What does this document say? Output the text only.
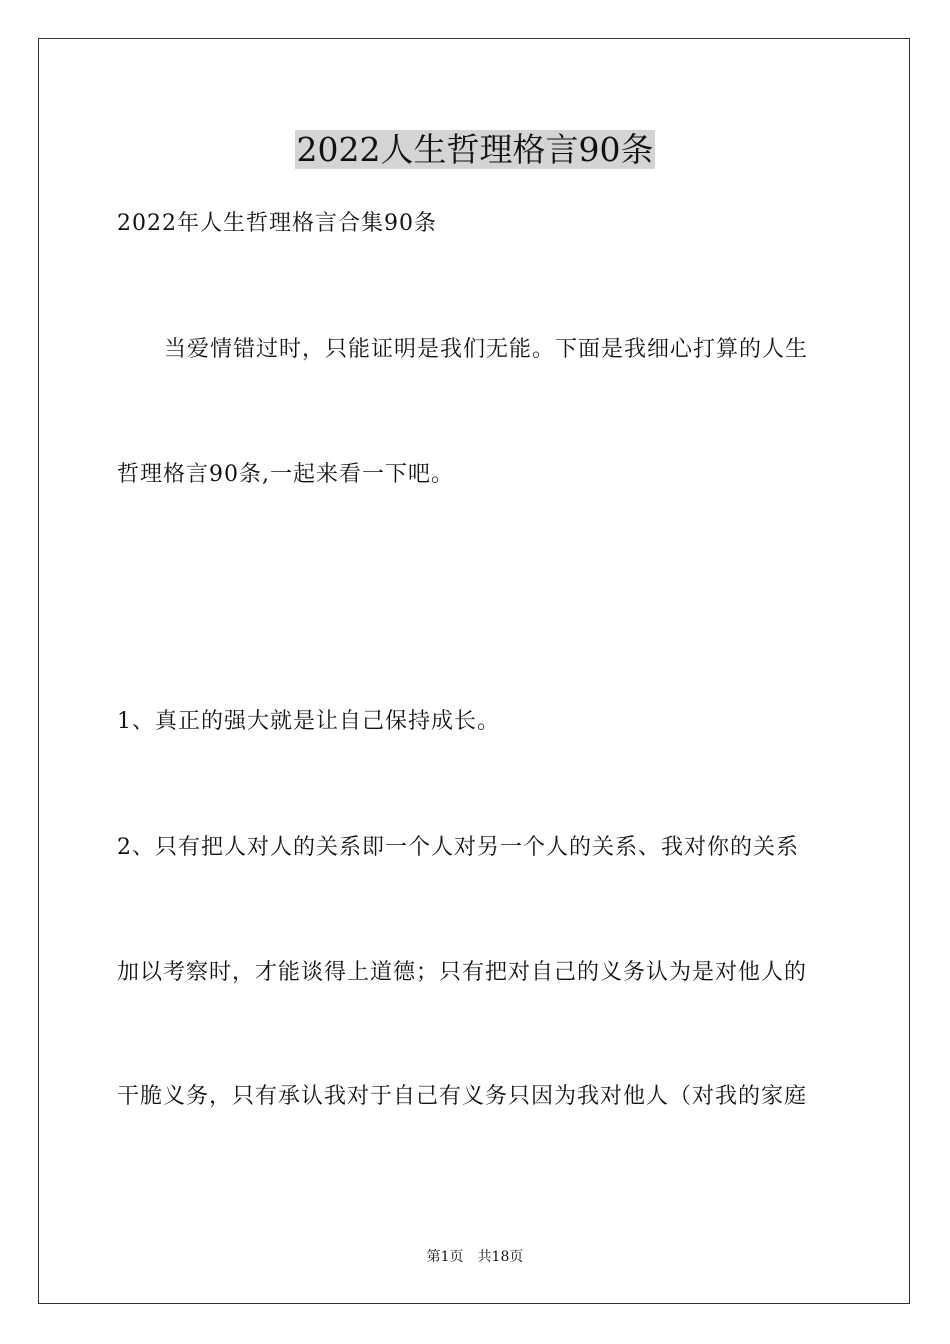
2022人生哲理格言90条
2022年人生哲理格言合集90条
当爱情错过时，只能证明是我们无能。下面是我细心打算的人生
哲理格言90条,一起来看一下吧。
1、真正的强大就是让自己保持成长。
2、只有把人对人的关系即一个人对另一个人的关系、我对你的关系
加以考察时，才能谈得上道德；只有把对自己的义务认为是对他人的
干脆义务，只有承认我对于自己有义务只因为我对他人（对我的家庭
第1页 共18页
